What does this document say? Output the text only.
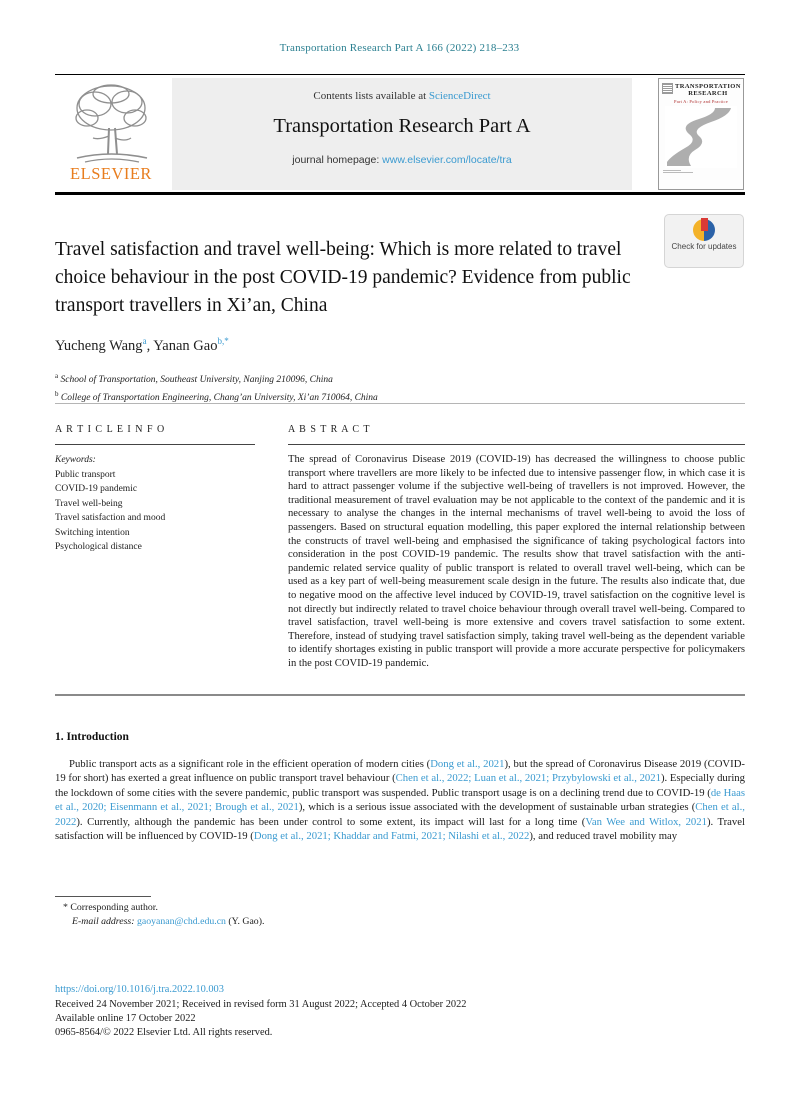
Transportation Research Part A 166 (2022) 218–233
ELSEVIER
Contents lists available at ScienceDirect
Transportation Research Part A
journal homepage: www.elsevier.com/locate/tra
TRANSPORTATION RESEARCH
Part A: Policy and Practice
Check for updates
Travel satisfaction and travel well-being: Which is more related to travel choice behaviour in the post COVID-19 pandemic? Evidence from public transport travellers in Xi’an, China
Yucheng Wang$^a$, Yanan Gao$^{b,*}$
$^a$ School of Transportation, Southeast University, Nanjing 210096, China
$^b$ College of Transportation Engineering, Chang’an University, Xi’an 710064, China
A R T I C L E I N F O
Keywords:
Public transport
COVID-19 pandemic
Travel well-being
Travel satisfaction and mood
Switching intention
Psychological distance
A B S T R A C T
The spread of Coronavirus Disease 2019 (COVID-19) has decreased the willingness to choose public transport where travellers are more likely to be infected due to intensive passenger flow, in which case it is hard to attract passenger volume if the subjective well-being of travellers is not improved. However, the traditional measurement of travel evaluation may be not applicable to the context of the pandemic and it is necessary to analyse the changes in the internal mechanisms of travel well-being to avoid the loss of passengers. Based on structural equation modelling, this paper explored the internal relationship between the constructs of travel well-being and emphasised the significance of taking psychological factors into consideration in the post COVID-19 pandemic. The results show that travel satisfaction with the anti-pandemic related service quality of public transport is related to overall travel well-being, which can be used as a key part of well-being measurement scale design in the future. The results also indicate that, due to negative mood on the affective level induced by COVID-19, travel satisfaction on the cognitive level is not directly but indirectly related to travel choice behaviour through overall travel well-being. Compared to travel satisfaction, travel well-being is more extensive and covers travel satisfaction to some extent. Therefore, instead of studying travel satisfaction simply, taking travel well-being as the dependent variable to identify shortages existing in public transport will provide a more accurate perspective for policymakers in the post COVID-19 pandemic.
1. Introduction
Public transport acts as a significant role in the efficient operation of modern cities (Dong et al., 2021), but the spread of Coronavirus Disease 2019 (COVID-19 for short) has exerted a great influence on public transport travel behaviour (Chen et al., 2022; Luan et al., 2021; Przybylowski et al., 2021). Especially during the lockdown of some cities with the severe pandemic, public transport was suspended. Public transport usage is on a declining trend due to COVID-19 (de Haas et al., 2020; Eisenmann et al., 2021; Brough et al., 2021), which is a serious issue associated with the development of sustainable urban strategies (Chen et al., 2022). Currently, although the pandemic has been under control to some extent, its impact will last for a long time (Van Wee and Witlox, 2021). Travel satisfaction will be influenced by COVID-19 (Dong et al., 2021; Khaddar and Fatmi, 2021; Nilashi et al., 2022), and reduced travel mobility may
* Corresponding author.
E-mail address: gaoyanan@chd.edu.cn (Y. Gao).
https://doi.org/10.1016/j.tra.2022.10.003
Received 24 November 2021; Received in revised form 31 August 2022; Accepted 4 October 2022
Available online 17 October 2022
0965-8564/© 2022 Elsevier Ltd. All rights reserved.
